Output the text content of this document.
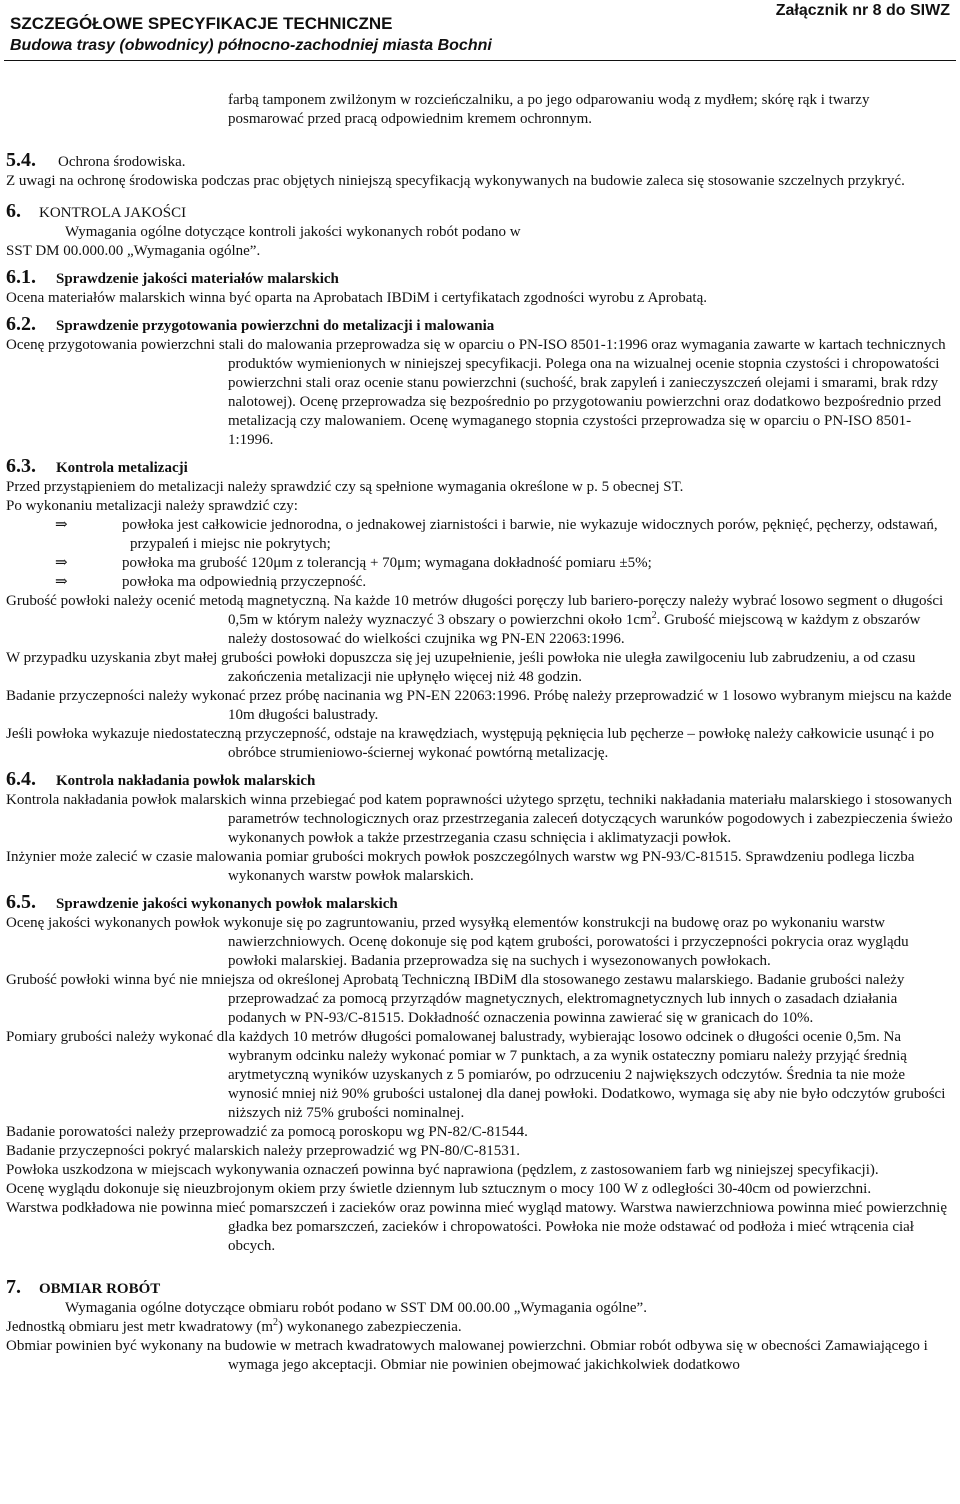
SZCZEGÓŁOWE SPECYFIKACJE TECHNICZNE
Budowa trasy (obwodnicy) północno-zachodniej miasta Bochni
Załącznik nr 8 do SIWZ

farbą tamponem zwilżonym w rozcieńczalniku, a po jego odparowaniu wodą z mydłem; skórę rąk i twarzy

posmarować przed pracą odpowiednim kremem ochronnym.

5.4. Ochrona środowiska.

Z uwagi na ochronę środowiska podczas prac objętych niniejszą specyfikacją wykonywanych na budowie zaleca się stosowanie szczelnych przykryć.

6. KONTROLA JAKOŚCI

Wymagania ogólne dotyczące kontroli jakości wykonanych robót podano w

SST DM 00.000.00 „Wymagania ogólne”.

6.1. Sprawdzenie jakości materiałów malarskich

Ocena materiałów malarskich winna być oparta na Aprobatach IBDiM i certyfikatach zgodności wyrobu z Aprobatą.

6.2. Sprawdzenie przygotowania powierzchni do metalizacji i malowania

Ocenę przygotowania powierzchni stali do malowania przeprowadza się w oparciu o PN-ISO 8501-1:1996 oraz wymagania zawarte w kartach technicznych produktów wymienionych w niniejszej specyfikacji. Polega ona na wizualnej ocenie stopnia czystości i chropowatości powierzchni stali oraz ocenie stanu powierzchni (suchość, brak zapyleń i zanieczyszczeń olejami i smarami, brak rdzy nalotowej). Ocenę przeprowadza się bezpośrednio po przygotowaniu powierzchni oraz dodatkowo bezpośrednio przed metalizacją czy malowaniem. Ocenę wymaganego stopnia czystości przeprowadza się w oparciu o PN-ISO 8501-1:1996.

6.3. Kontrola metalizacji

Przed przystąpieniem do metalizacji należy sprawdzić czy są spełnione wymagania określone w p. 5 obecnej ST.

Po wykonaniu metalizacji należy sprawdzić czy:

⇒	powłoka jest całkowicie jednorodna, o jednakowej ziarnistości i barwie, nie wykazuje widocznych porów, pęknięć, pęcherzy, odstawań, przypaleń i miejsc nie pokrytych;

⇒	powłoka ma grubość 120μm z tolerancją + 70μm; wymagana dokładność pomiaru ±5%;

⇒	powłoka ma odpowiednią przyczepność.

Grubość powłoki należy ocenić metodą magnetyczną. Na każde 10 metrów długości poręczy lub bariero-poręczy należy wybrać losowo segment o długości 0,5m w którym należy wyznaczyć 3 obszary o powierzchni około $1cm^2$. Grubość miejscową w każdym z obszarów należy dostosować do wielkości czujnika wg PN-EN 22063:1996.

W przypadku uzyskania zbyt małej grubości powłoki dopuszcza się jej uzupełnienie, jeśli powłoka nie uległa zawilgoceniu lub zabrudzeniu, a od czasu zakończenia metalizacji nie upłynęło więcej niż 48 godzin.

Badanie przyczepności należy wykonać przez próbę nacinania wg PN-EN 22063:1996. Próbę należy przeprowadzić w 1 losowo wybranym miejscu na każde 10m długości balustrady.

Jeśli powłoka wykazuje niedostateczną przyczepność, odstaje na krawędziach, występują pęknięcia lub pęcherze – powłokę należy całkowicie usunąć i po obróbce strumieniowo-ściernej wykonać powtórną metalizację.

6.4. Kontrola nakładania powłok malarskich

Kontrola nakładania powłok malarskich winna przebiegać pod katem poprawności użytego sprzętu, techniki nakładania materiału malarskiego i stosowanych parametrów technologicznych oraz przestrzegania zaleceń dotyczących warunków pogodowych i zabezpieczenia świeżo wykonanych powłok a także przestrzegania czasu schnięcia i aklimatyzacji powłok.

Inżynier może zalecić w czasie malowania pomiar grubości mokrych powłok poszczególnych warstw wg PN-93/C-81515. Sprawdzeniu podlega liczba wykonanych warstw powłok malarskich.

6.5. Sprawdzenie jakości wykonanych powłok malarskich

Ocenę jakości wykonanych powłok wykonuje się po zagruntowaniu, przed wysyłką elementów konstrukcji na budowę oraz po wykonaniu warstw nawierzchniowych. Ocenę dokonuje się pod kątem grubości, porowatości i przyczepności pokrycia oraz wyglądu powłoki malarskiej. Badania przeprowadza się na suchych i wysezonowanych powłokach.

Grubość powłoki winna być nie mniejsza od określonej Aprobatą Techniczną IBDiM dla stosowanego zestawu malarskiego. Badanie grubości należy przeprowadzać za pomocą przyrządów magnetycznych, elektromagnetycznych lub innych o zasadach działania podanych w PN-93/C-81515. Dokładność oznaczenia powinna zawierać się w granicach do 10%.

Pomiary grubości należy wykonać dla każdych 10 metrów długości pomalowanej balustrady, wybierając losowo odcinek o długości ocenie 0,5m. Na wybranym odcinku należy wykonać pomiar w 7 punktach, a za wynik ostateczny pomiaru należy przyjąć średnią arytmetyczną wyników uzyskanych z 5 pomiarów, po odrzuceniu 2 największych odczytów. Średnia ta nie może wynosić mniej niż 90% grubości ustalonej dla danej powłoki. Dodatkowo, wymaga się aby nie było odczytów grubości niższych niż 75% grubości nominalnej.

Badanie porowatości należy przeprowadzić za pomocą poroskopu wg PN-82/C-81544.

Badanie przyczepności pokryć malarskich należy przeprowadzić wg PN-80/C-81531.

Powłoka uszkodzona w miejscach wykonywania oznaczeń powinna być naprawiona (pędzlem, z zastosowaniem farb wg niniejszej specyfikacji).

Ocenę wyglądu dokonuje się nieuzbrojonym okiem przy świetle dziennym lub sztucznym o mocy 100 W z odległości 30-40cm od powierzchni.

Warstwa podkładowa nie powinna mieć pomarszczeń i zacieków oraz powinna mieć wygląd matowy. Warstwa nawierzchniowa powinna mieć powierzchnię gładka bez pomarszczeń, zacieków i chropowatości. Powłoka nie może odstawać od podłoża i mieć wtrącenia ciał obcych.

7. OBMIAR ROBÓT

Wymagania ogólne dotyczące obmiaru robót podano w SST DM 00.00.00 „Wymagania ogólne”.

Jednostką obmiaru jest metr kwadratowy $(m^2)$ wykonanego zabezpieczenia.

Obmiar powinien być wykonany na budowie w metrach kwadratowych malowanej powierzchni. Obmiar robót odbywa się w obecności Zamawiającego i wymaga jego akceptacji. Obmiar nie powinien obejmować jakichkolwiek dodatkowo
